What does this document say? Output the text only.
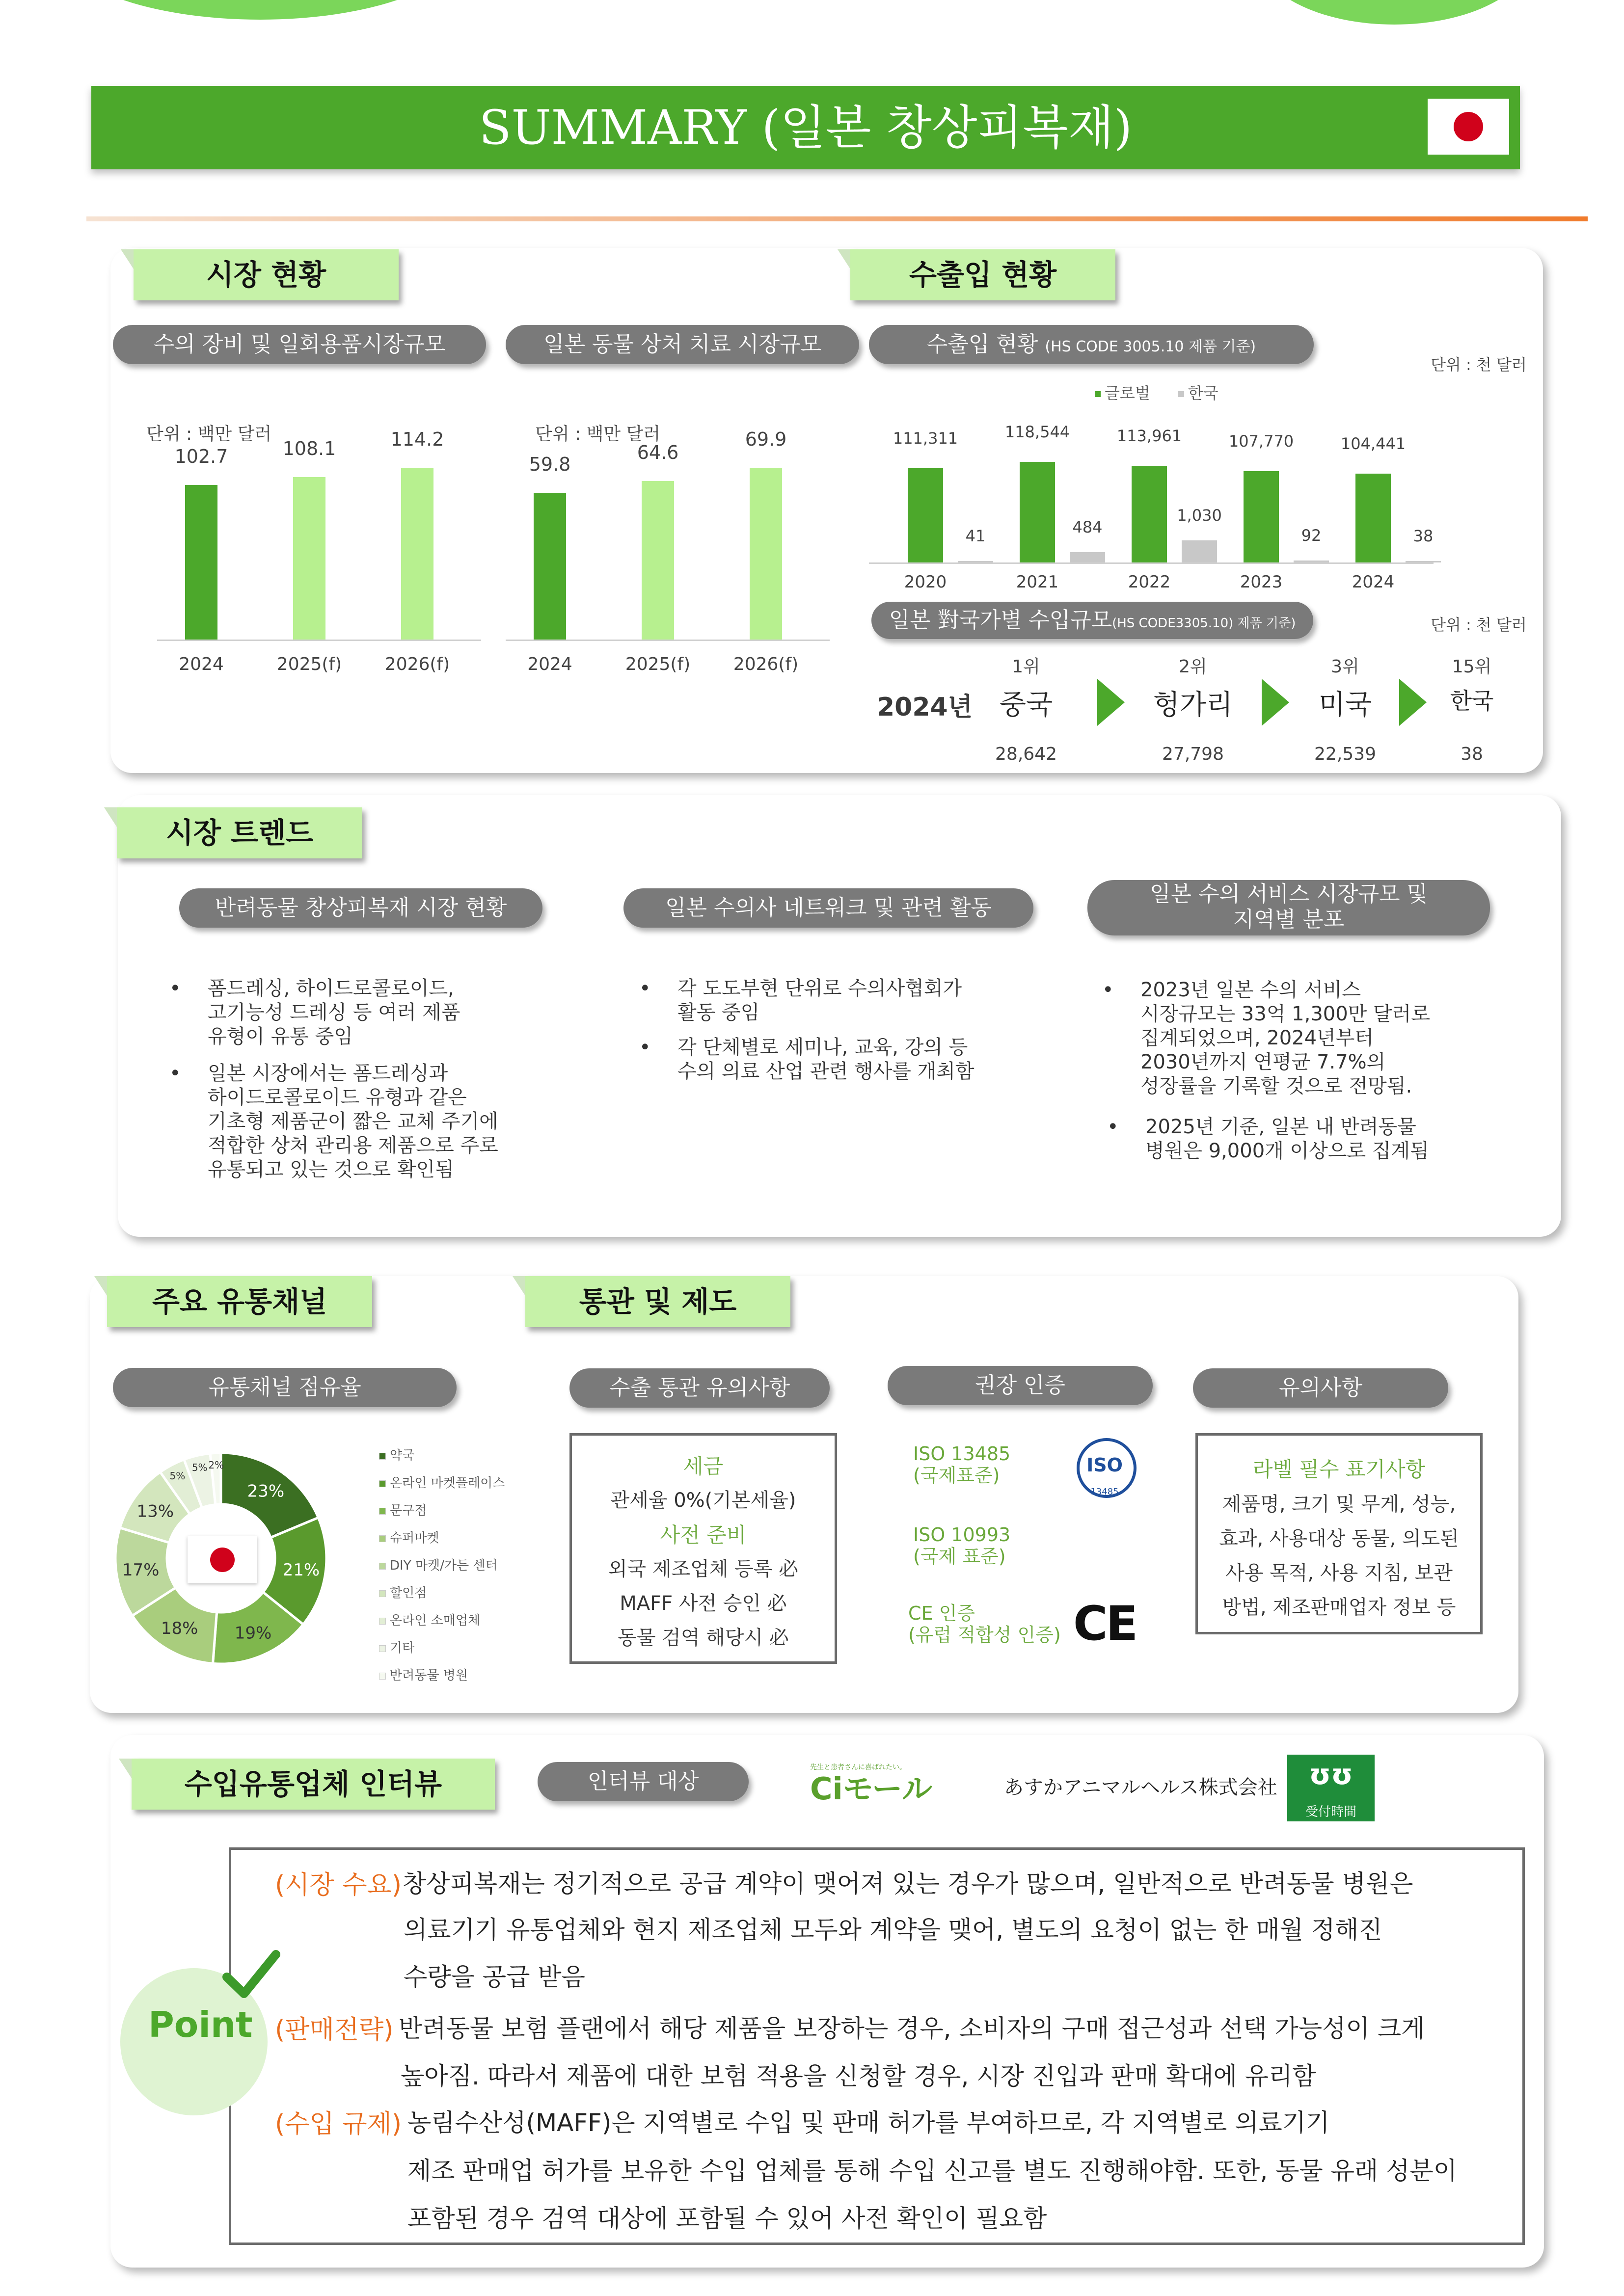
SUMMARY (일본 창상피복재)
시장 현황	수출입 현황
수의 장비 및 일회용품시장규모
단위 : 백만 달러
102.7
2024
108.1
2025(f)
114.2
2026(f)
일본 동물 상처 치료 시장규모
단위 : 백만 달러
59.8
2024
64.6
2025(f)
69.9
2026(f)
수출입 현황 (HS CODE 3005.10 제품 기준)
단위 : 천 달러
글로벌	한국
111,311
41
2020
118,544
484
2021
113,961
1,030
2022
107,770
92
2023
104,441
38
2024
일본 對국가별 수입규모(HS CODE3305.10) 제품 기준)	단위 : 천 달러
2024년
1위
중국
28,642
2위
헝가리
27,798
3위
미국
22,539
15위
한국
38
시장 트렌드
반려동물 창상피복재 시장 현황	일본 수의사 네트워크 및 관련 활동
일본 수의 서비스 시장규모 및
지역별 분포
• 폼드레싱, 하이드로콜로이드,
고기능성 드레싱 등 여러 제품
유형이 유통 중임
• 일본 시장에서는 폼드레싱과
하이드로콜로이드 유형과 같은
기초형 제품군이 짧은 교체 주기에
적합한 상처 관리용 제품으로 주로
유통되고 있는 것으로 확인됨
• 각 도도부현 단위로 수의사협회가
활동 중임
• 각 단체별로 세미나, 교육, 강의 등
수의 의료 산업 관련 행사를 개최함
• 2023년 일본 수의 서비스
시장규모는 33억 1,300만 달러로
집계되었으며, 2024년부터
2030년까지 연평균 7.7%의
성장률을 기록할 것으로 전망됨.
• 2025년 기준, 일본 내 반려동물
병원은 9,000개 이상으로 집계됨
주요 유통채널	통관 및 제도
유통채널 점유율
23%
21%
19%
18%
17%
13%
5%
5% 2%
약국
온라인 마켓플레이스
문구점
슈퍼마켓
DIY 마켓/가든 센터
할인점
온라인 소매업체
기타
반려동물 병원
수출 통관 유의사항
세금
관세율 0%(기본세율)
사전 준비
외국 제조업체 등록 必
MAFF 사전 승인 必
동물 검역 해당시 必
권장 인증
ISO 13485
(국제표준)	ISO
13485
ISO 10993
(국제 표준)
CE 인증
(유럽 적합성 인증) CE
유의사항
라벨 필수 표기사항
제품명, 크기 및 무게, 성능,
효과, 사용대상 동물, 의도된
사용 목적, 사용 지침, 보관
방법, 제조판매업자 정보 등
수입유통업체 인터뷰	인터뷰 대상
先生と患者さんに喜ばれたい。
Ciモール	あすかアニマルヘルス株式会社	ʊʊ
受付時間
Point
(시장 수요) 창상피복재는 정기적으로 공급 계약이 맺어져 있는 경우가 많으며, 일반적으로 반려동물 병원은
의료기기 유통업체와 현지 제조업체 모두와 계약을 맺어, 별도의 요청이 없는 한 매월 정해진
수량을 공급 받음
(판매전략) 반려동물 보험 플랜에서 해당 제품을 보장하는 경우, 소비자의 구매 접근성과 선택 가능성이 크게
높아짐. 따라서 제품에 대한 보험 적용을 신청할 경우, 시장 진입과 판매 확대에 유리함
(수입 규제) 농림수산성(MAFF)은 지역별로 수입 및 판매 허가를 부여하므로, 각 지역별로 의료기기
제조 판매업 허가를 보유한 수입 업체를 통해 수입 신고를 별도 진행해야함. 또한, 동물 유래 성분이
포함된 경우 검역 대상에 포함될 수 있어 사전 확인이 필요함
